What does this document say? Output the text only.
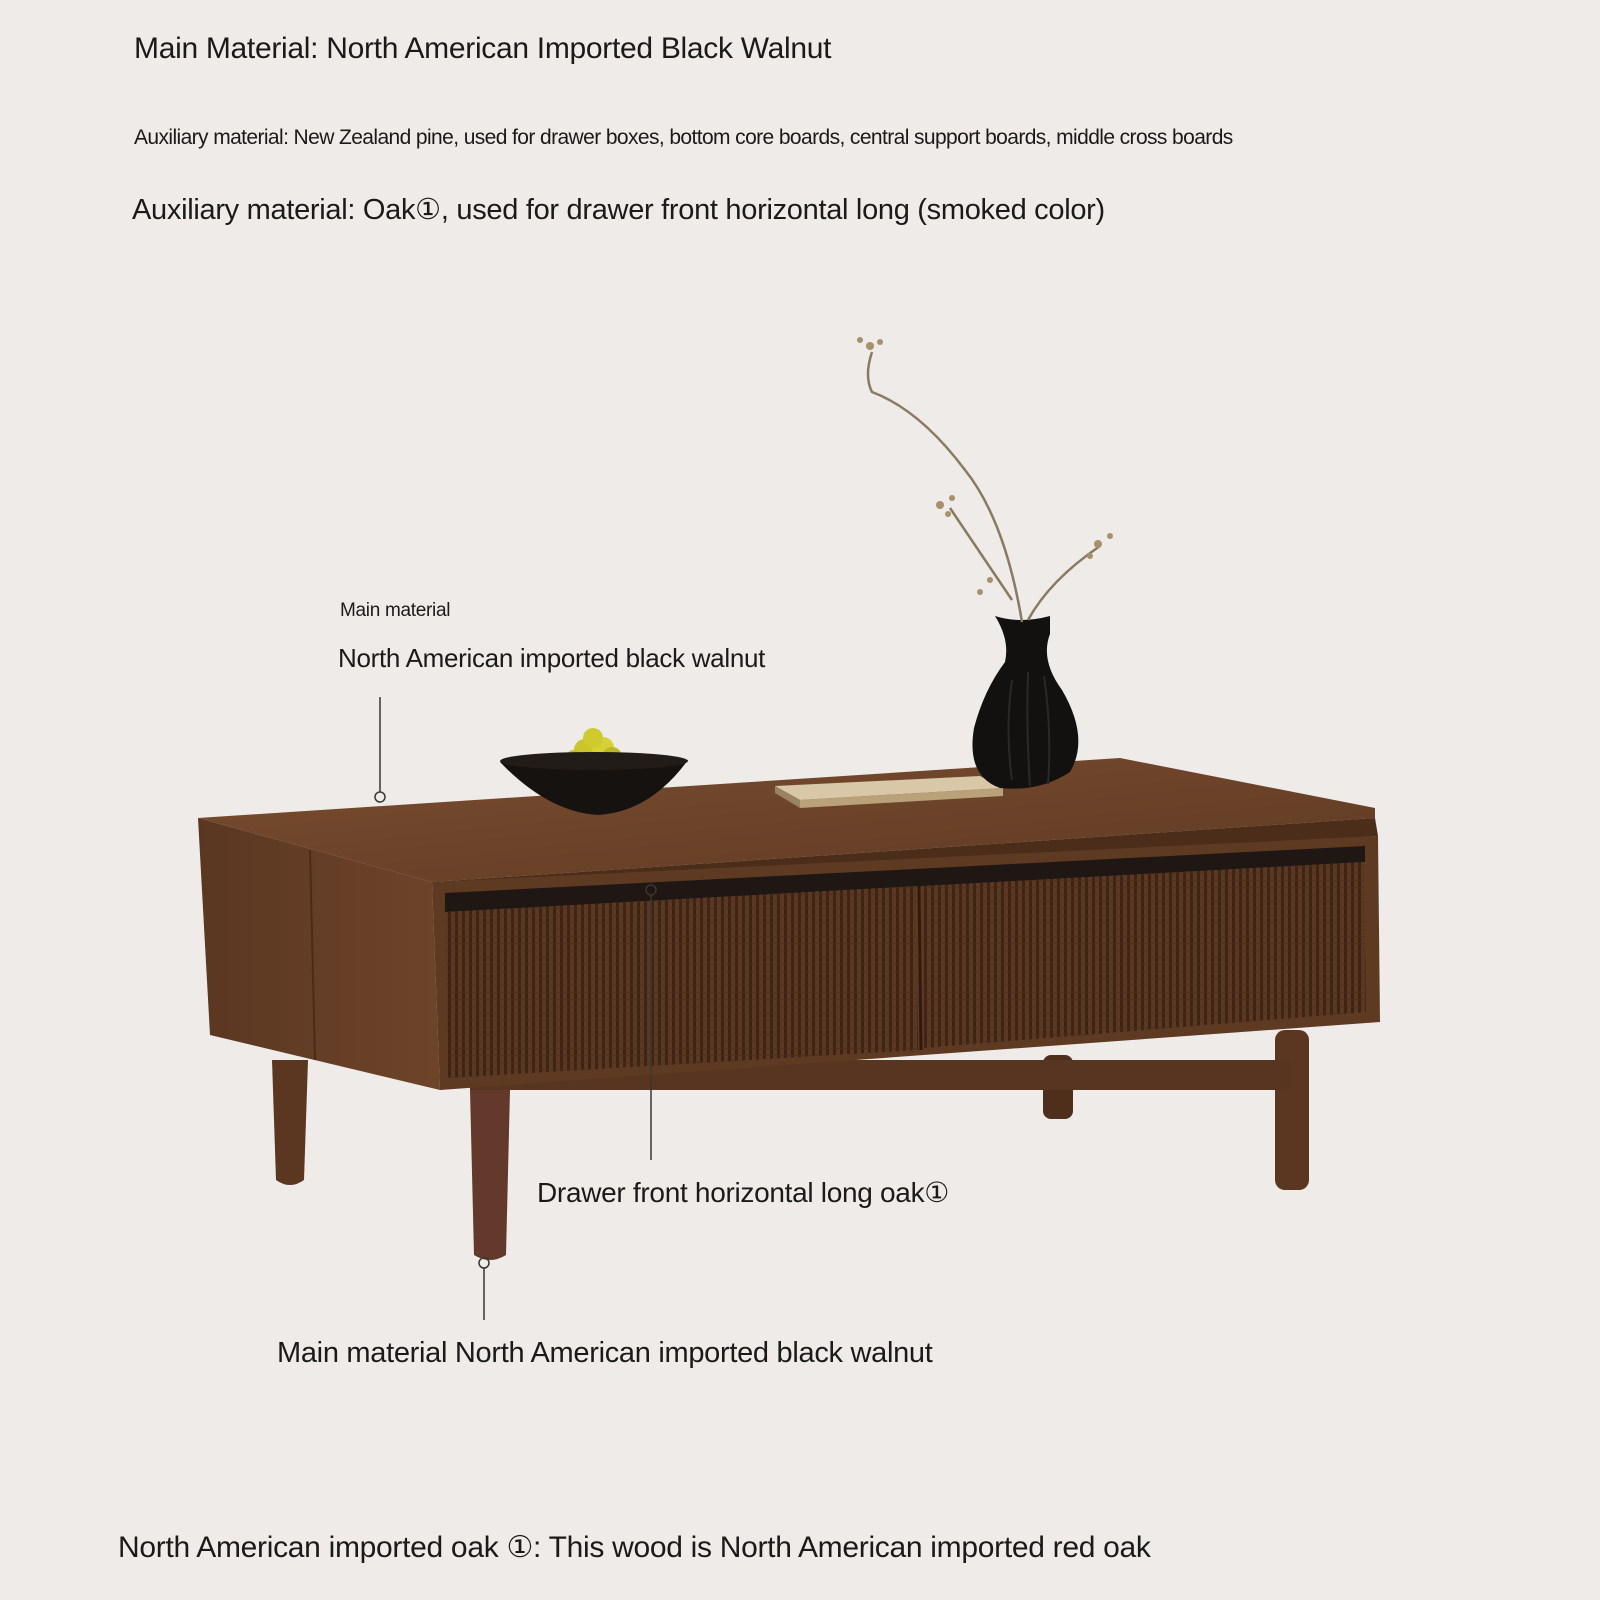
Main Material: North American Imported Black Walnut

Auxiliary material: New Zealand pine, used for drawer boxes, bottom core boards, central support boards, middle cross boards

Auxiliary material: Oak①, used for drawer front horizontal long (smoked color)

Main material

North American imported black walnut

Drawer front horizontal long oak①

Main material North American imported black walnut

North American imported oak ①: This wood is North American imported red oak
